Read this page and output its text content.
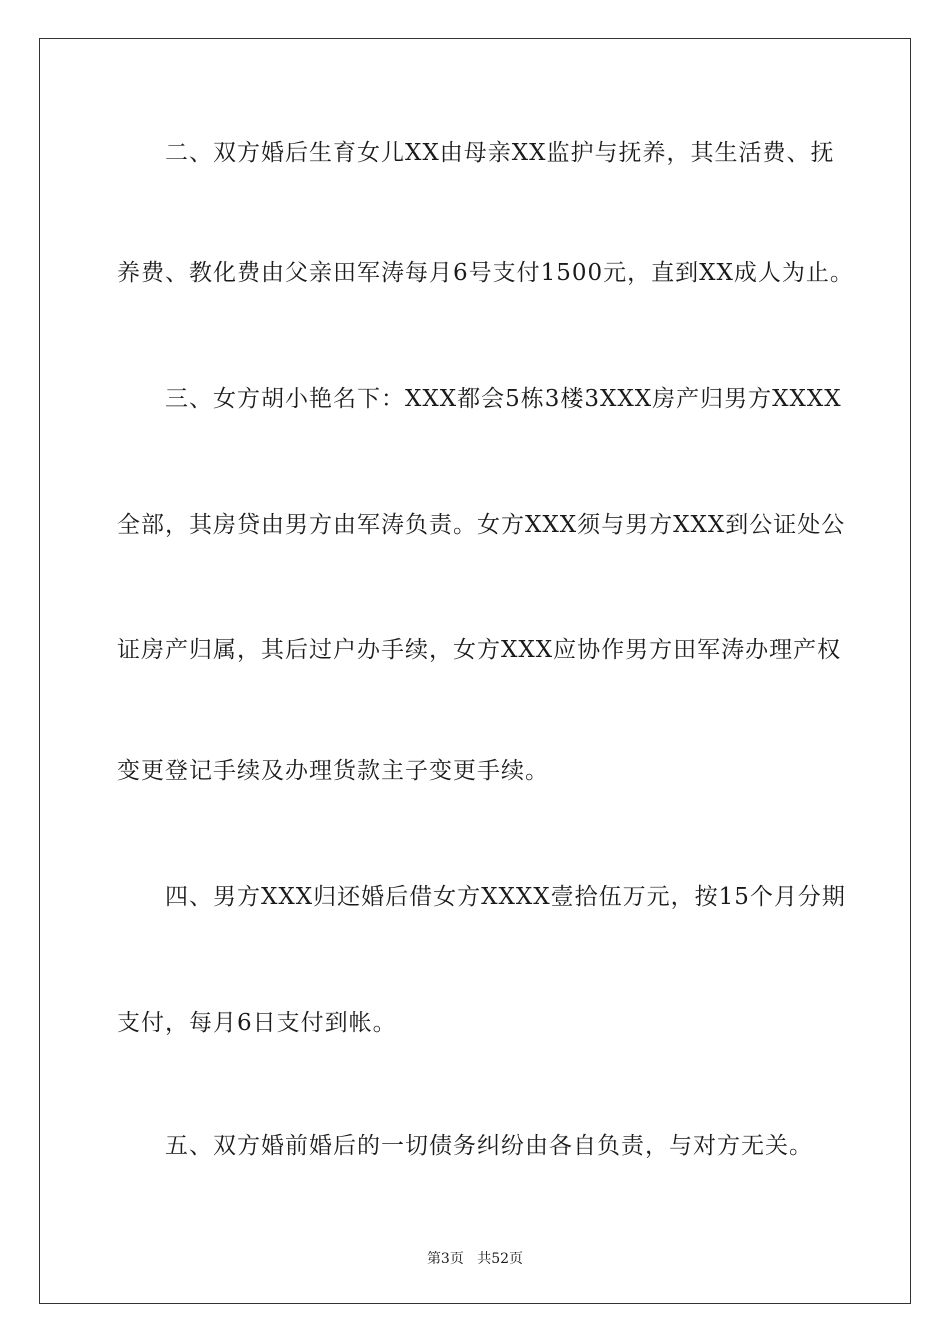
二、双方婚后生育女儿XX由母亲XX监护与抚养，其生活费、抚
养费、教化费由父亲田军涛每月6号支付1500元，直到XX成人为止。
三、女方胡小艳名下：XXX都会5栋3楼3XXX房产归男方XXXX
全部，其房贷由男方由军涛负责。女方XXX须与男方XXX到公证处公
证房产归属，其后过户办手续，女方XXX应协作男方田军涛办理产权
变更登记手续及办理货款主子变更手续。
四、男方XXX归还婚后借女方XXXX壹拾伍万元，按15个月分期
支付，每月6日支付到帐。
五、双方婚前婚后的一切债务纠纷由各自负责，与对方无关。
第3页 共52页
